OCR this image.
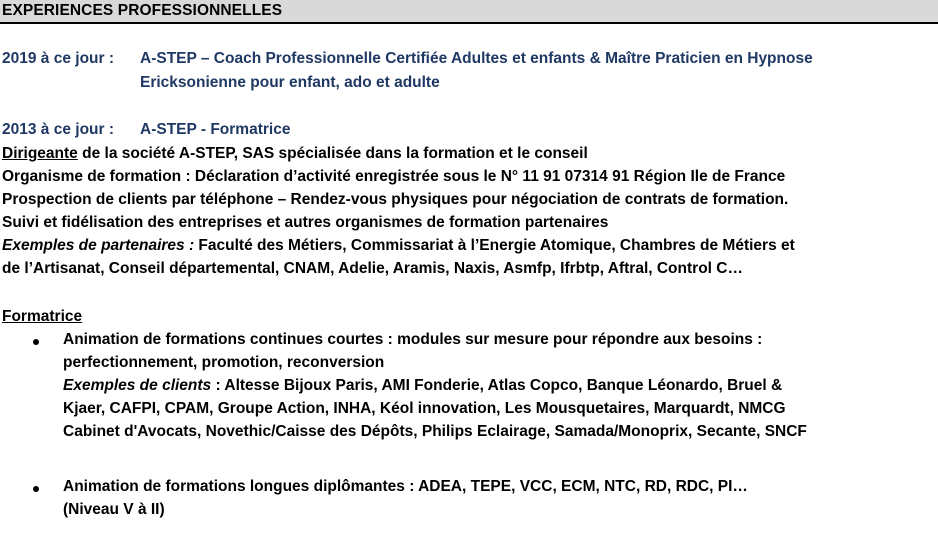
EXPERIENCES PROFESSIONNELLES
2019 à ce jour : A-STEP – Coach Professionnelle Certifiée Adultes et enfants & Maître Praticien en Hypnose
Ericksonienne pour enfant, ado et adulte
2013 à ce jour : A-STEP - Formatrice
Dirigeante de la société A-STEP, SAS spécialisée dans la formation et le conseil
Organisme de formation : Déclaration d’activité enregistrée sous le N° 11 91 07314 91 Région Ile de France
Prospection de clients par téléphone – Rendez-vous physiques pour négociation de contrats de formation.
Suivi et fidélisation des entreprises et autres organismes de formation partenaires
Exemples de partenaires : Faculté des Métiers, Commissariat à l’Energie Atomique, Chambres de Métiers et
de l’Artisanat, Conseil départemental, CNAM, Adelie, Aramis, Naxis, Asmfp, Ifrbtp, Aftral, Control C…
Formatrice
Animation de formations continues courtes : modules sur mesure pour répondre aux besoins :
perfectionnement, promotion, reconversion
Exemples de clients : Altesse Bijoux Paris, AMI Fonderie, Atlas Copco, Banque Léonardo, Bruel &
Kjaer, CAFPI, CPAM, Groupe Action, INHA, Kéol innovation, Les Mousquetaires, Marquardt, NMCG
Cabinet d'Avocats, Novethic/Caisse des Dépôts, Philips Eclairage, Samada/Monoprix, Secante, SNCF
Animation de formations longues diplômantes : ADEA, TEPE, VCC, ECM, NTC, RD, RDC, PI…
(Niveau V à II)
